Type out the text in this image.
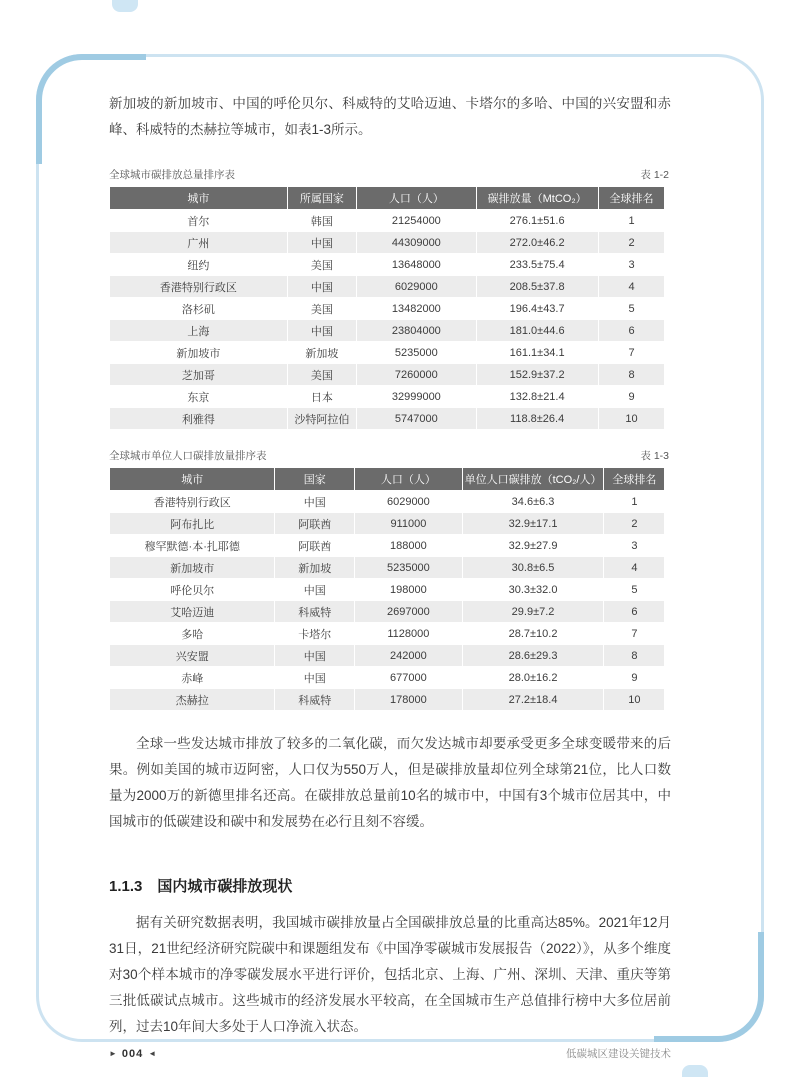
新加坡的新加坡市、中国的呼伦贝尔、科威特的艾哈迈迪、卡塔尔的多哈、中国的兴安盟和赤峰、科威特的杰赫拉等城市，如表1-3所示。

全球城市碳排放总量排序表	表 1-2
城市	所属国家	人口（人）	碳排放量（MtCO₂）	全球排名
首尔	韩国	21254000	276.1±51.6	1
广州	中国	44309000	272.0±46.2	2
纽约	美国	13648000	233.5±75.4	3
香港特别行政区	中国	6029000	208.5±37.8	4
洛杉矶	美国	13482000	196.4±43.7	5
上海	中国	23804000	181.0±44.6	6
新加坡市	新加坡	5235000	161.1±34.1	7
芝加哥	美国	7260000	152.9±37.2	8
东京	日本	32999000	132.8±21.4	9
利雅得	沙特阿拉伯	5747000	118.8±26.4	10
全球城市单位人口碳排放量排序表	表 1-3
城市	国家	人口（人）	单位人口碳排放（tCO₂/人）	全球排名
香港特别行政区	中国	6029000	34.6±6.3	1
阿布扎比	阿联酋	911000	32.9±17.1	2
穆罕默德·本·扎耶德	阿联酋	188000	32.9±27.9	3
新加坡市	新加坡	5235000	30.8±6.5	4
呼伦贝尔	中国	198000	30.3±32.0	5
艾哈迈迪	科威特	2697000	29.9±7.2	6
多哈	卡塔尔	1128000	28.7±10.2	7
兴安盟	中国	242000	28.6±29.3	8
赤峰	中国	677000	28.0±16.2	9
杰赫拉	科威特	178000	27.2±18.4	10

全球一些发达城市排放了较多的二氧化碳，而欠发达城市却要承受更多全球变暖带来的后果。例如美国的城市迈阿密，人口仅为550万人，但是碳排放量却位列全球第21位，比人口数量为2000万的新德里排名还高。在碳排放总量前10名的城市中，中国有3个城市位居其中，中国城市的低碳建设和碳中和发展势在必行且刻不容缓。

1.1.3　国内城市碳排放现状

据有关研究数据表明，我国城市碳排放量占全国碳排放总量的比重高达85%。2021年12月31日，21世纪经济研究院碳中和课题组发布《中国净零碳城市发展报告（2022）》，从多个维度对30个样本城市的净零碳发展水平进行评价，包括北京、上海、广州、深圳、天津、重庆等第三批低碳试点城市。这些城市的经济发展水平较高，在全国城市生产总值排行榜中大多位居前列，过去10年间大多处于人口净流入状态。

► 004 ◄	低碳城区建设关键技术
